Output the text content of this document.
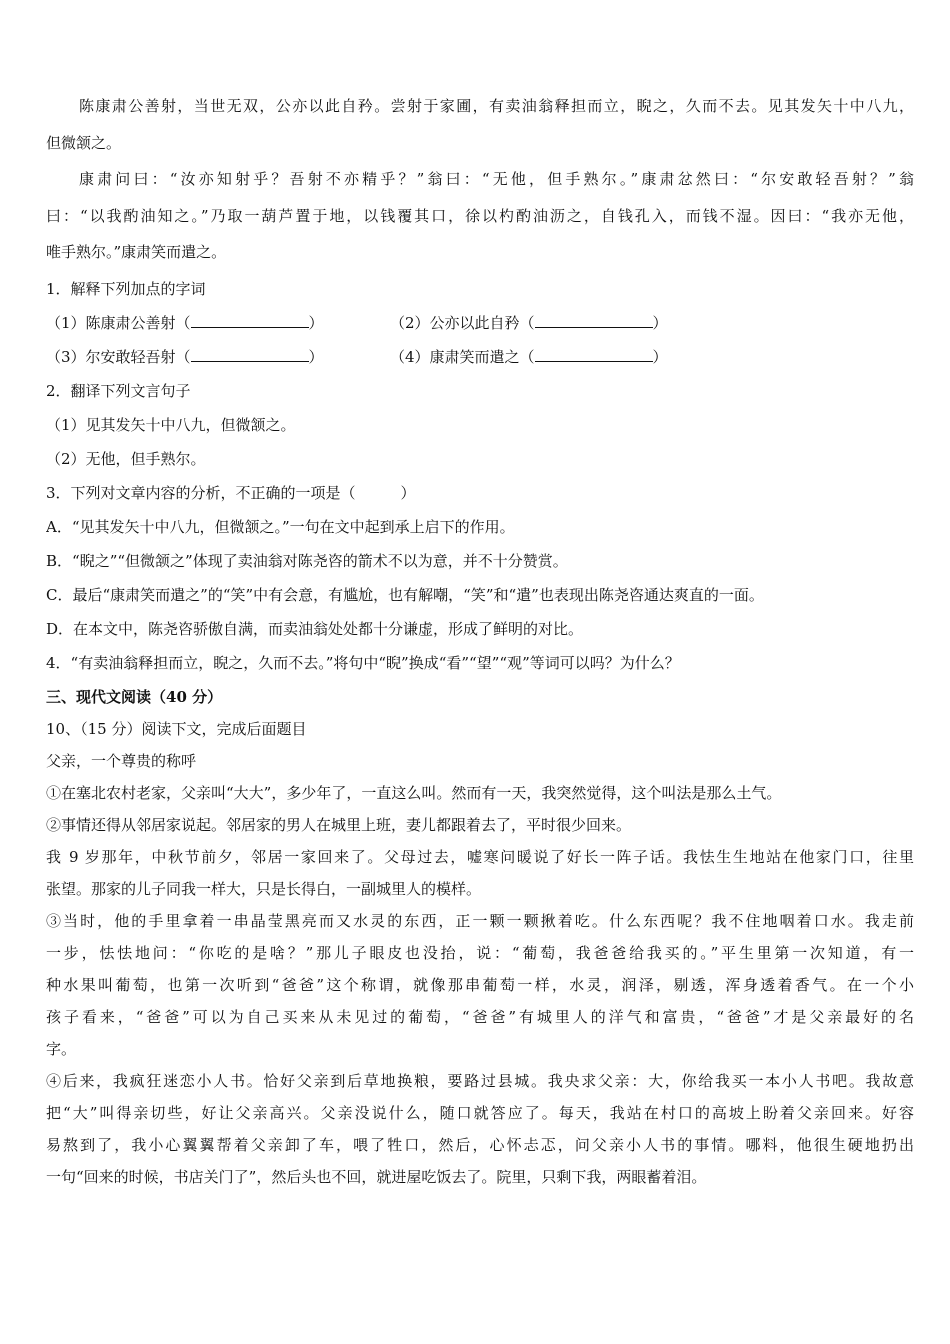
陈康肃公善射，当世无双，公亦以此自矜。尝射于家圃，有卖油翁释担而立，睨之，久而不去。见其发矢十中八九，

但微颔之。

康肃问曰：“汝亦知射乎？吾射不亦精乎？”翁曰：“无他，但手熟尔。”康肃忿然曰：“尔安敢轻吾射？”翁

曰：“以我酌油知之。”乃取一葫芦置于地，以钱覆其口，徐以杓酌油沥之，自钱孔入，而钱不湿。因曰：“我亦无他，

唯手熟尔。”康肃笑而遣之。

1．解释下列加点的字词

（1）陈康肃公善射（	）	（2）公亦以此自矜（	）
（3）尔安敢轻吾射（	）	（4）康肃笑而遣之（	）

2．翻译下列文言句子

（1）见其发矢十中八九，但微颔之。

（2）无他，但手熟尔。

3．下列对文章内容的分析，不正确的一项是（　　　）

A．“见其发矢十中八九，但微颔之。”一句在文中起到承上启下的作用。

B．“睨之”“但微颔之”体现了卖油翁对陈尧咨的箭术不以为意，并不十分赞赏。

C．最后“康肃笑而遣之”的“笑”中有会意，有尴尬，也有解嘲，“笑”和“遣”也表现出陈尧咨通达爽直的一面。

D．在本文中，陈尧咨骄傲自满，而卖油翁处处都十分谦虚，形成了鲜明的对比。

4．“有卖油翁释担而立，睨之，久而不去。”将句中“睨”换成“看”“望”“观”等词可以吗？为什么？

三、现代文阅读（40 分）

10、（15 分）阅读下文，完成后面题目

父亲，一个尊贵的称呼

①在塞北农村老家，父亲叫“大大”，多少年了，一直这么叫。然而有一天，我突然觉得，这个叫法是那么土气。

②事情还得从邻居家说起。邻居家的男人在城里上班，妻儿都跟着去了，平时很少回来。

我 9 岁那年，中秋节前夕，邻居一家回来了。父母过去，嘘寒问暖说了好长一阵子话。我怯生生地站在他家门口，往里

张望。那家的儿子同我一样大，只是长得白，一副城里人的模样。

③当时，他的手里拿着一串晶莹黑亮而又水灵的东西，正一颗一颗揪着吃。什么东西呢？我不住地咽着口水。我走前

一步，怯怯地问：“你吃的是啥？”那儿子眼皮也没抬，说：“葡萄，我爸爸给我买的。”平生里第一次知道，有一

种水果叫葡萄，也第一次听到“爸爸”这个称谓，就像那串葡萄一样，水灵，润泽，剔透，浑身透着香气。在一个小

孩子看来，“爸爸”可以为自己买来从未见过的葡萄，“爸爸”有城里人的洋气和富贵，“爸爸”才是父亲最好的名

字。

④后来，我疯狂迷恋小人书。恰好父亲到后草地换粮，要路过县城。我央求父亲：大，你给我买一本小人书吧。我故意

把“大”叫得亲切些，好让父亲高兴。父亲没说什么，随口就答应了。每天，我站在村口的高坡上盼着父亲回来。好容

易熬到了，我小心翼翼帮着父亲卸了车，喂了牲口，然后，心怀忐忑，问父亲小人书的事情。哪料，他很生硬地扔出

一句“回来的时候，书店关门了”，然后头也不回，就进屋吃饭去了。院里，只剩下我，两眼蓄着泪。
